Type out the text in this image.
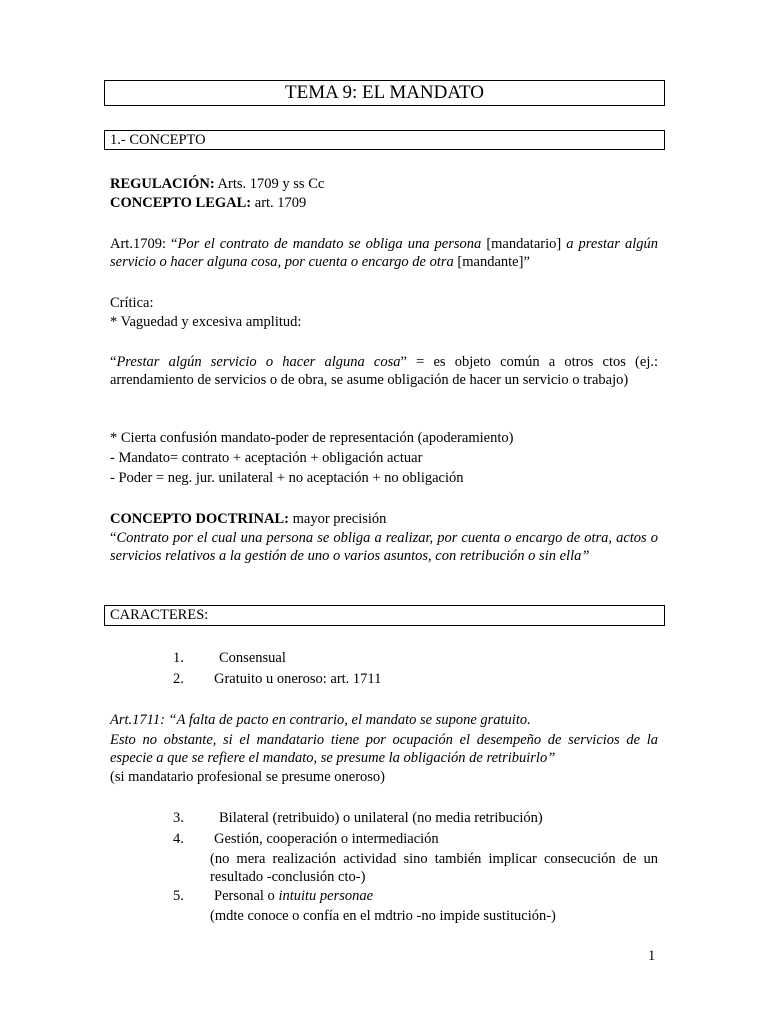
TEMA 9: EL MANDATO
1.- CONCEPTO
REGULACIÓN: Arts. 1709 y ss Cc
CONCEPTO LEGAL: art. 1709
Art.1709: “Por el contrato de mandato se obliga una persona [mandatario] a prestar algún servicio o hacer alguna cosa, por cuenta o encargo de otra [mandante]”
Crítica:
* Vaguedad y excesiva amplitud:
“Prestar algún servicio o hacer alguna cosa” = es objeto común a otros ctos (ej.: arrendamiento de servicios o de obra, se asume obligación de hacer un servicio o trabajo)
* Cierta confusión mandato-poder de representación (apoderamiento)
- Mandato= contrato + aceptación + obligación actuar
- Poder = neg. jur. unilateral + no aceptación + no obligación
CONCEPTO DOCTRINAL: mayor precisión
“Contrato por el cual una persona se obliga a realizar, por cuenta o encargo de otra, actos o servicios relativos a la gestión de uno o varios asuntos, con retribución o sin ella”
CARACTERES:
1. Consensual
2. Gratuito u oneroso: art. 1711
Art.1711: “A falta de pacto en contrario, el mandato se supone gratuito.
Esto no obstante, si el mandatario tiene por ocupación el desempeño de servicios de la especie a que se refiere el mandato, se presume la obligación de retribuirlo”
(si mandatario profesional se presume oneroso)
3. Bilateral (retribuido) o unilateral (no media retribución)
4. Gestión, cooperación o intermediación
(no mera realización actividad sino también implicar consecución de un resultado -conclusión cto-)
5. Personal o intuitu personae
(mdte conoce o confía en el mdtrio -no impide sustitución-)
1
